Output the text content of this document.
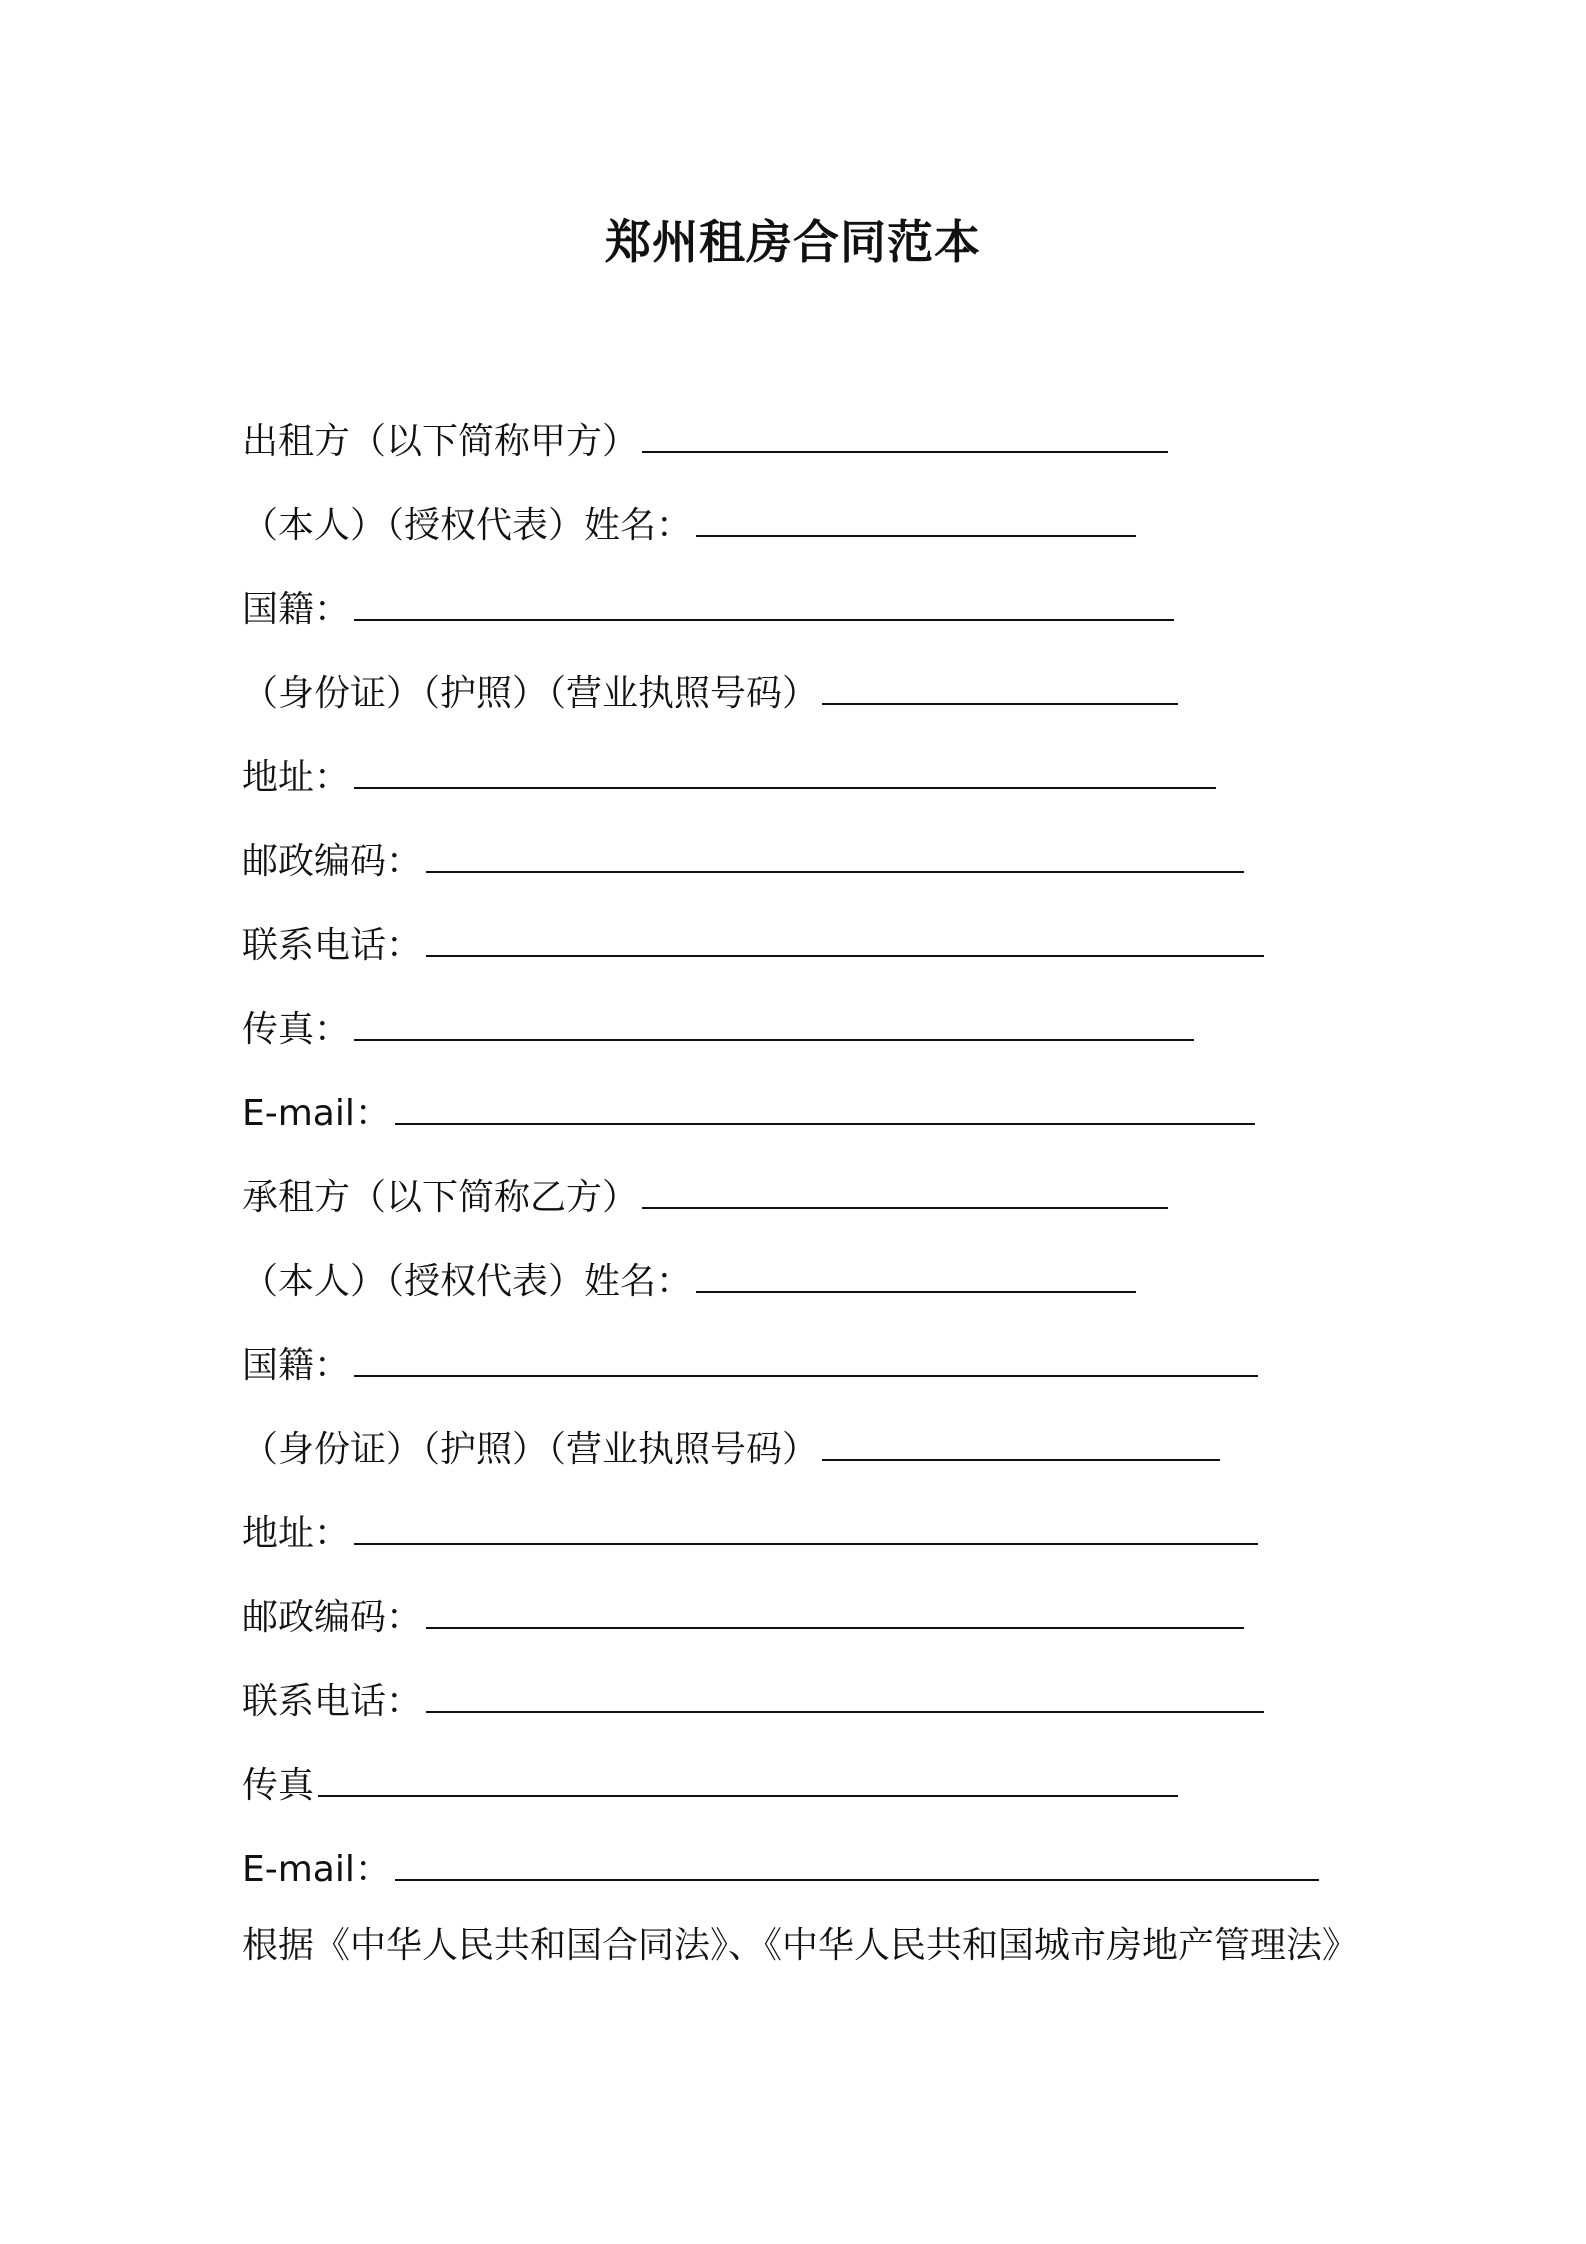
郑州租房合同范本
出租方（以下简称甲方）
（本人）（授权代表）姓名：
国籍：
（身份证）（护照）（营业执照号码）
地址：
邮政编码：
联系电话：
传真：
E-mail：
承租方（以下简称乙方）
（本人）（授权代表）姓名：
国籍：
（身份证）（护照）（营业执照号码）
地址：
邮政编码：
联系电话：
传真
E-mail：
根据《中华人民共和国合同法》、《中华人民共和国城市房地产管理法》
